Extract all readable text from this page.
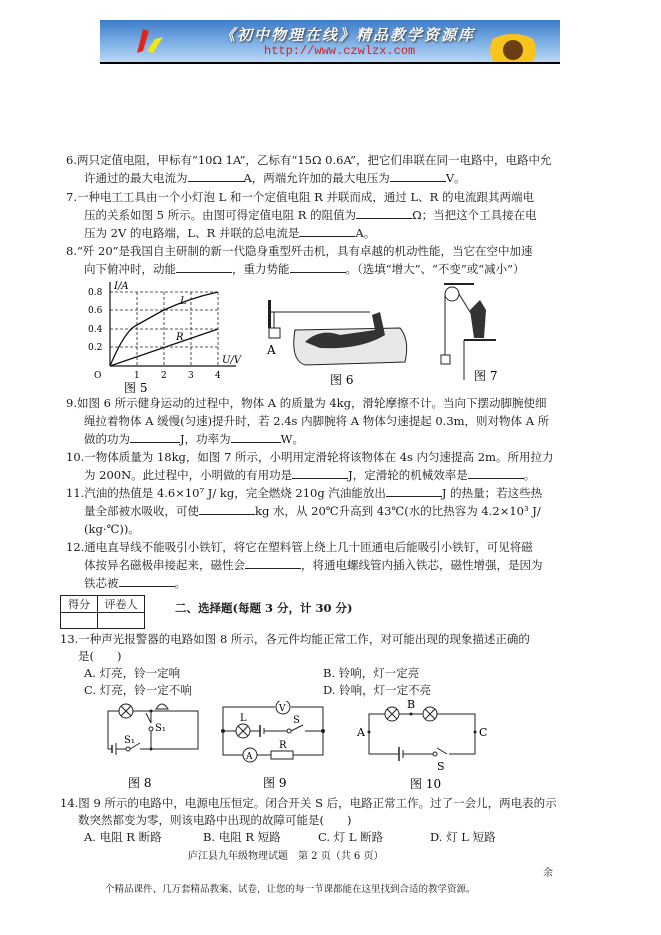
《初中物理在线》精品教学资源库
http://www.czwlzx.com
6.两只定值电阻，甲标有“10Ω 1A”，乙标有“15Ω 0.6A”，把它们串联在同一电路中，电路中允
许通过的最大电流为	A，两端允许加的最大电压为	V。
7.一种电工工具由一个小灯泡 L 和一个定值电阻 R 并联而成，通过 L、R 的电流跟其两端电
压的关系如图 5 所示。由图可得定值电阻 R 的阻值为	Ω；当把这个工具接在电
压为 2V 的电路端，L、R 并联的总电流是	A。
8.“歼 20”是我国自主研制的新一代隐身重型歼击机，具有卓越的机动性能，当它在空中加速
向下俯冲时，动能	，重力势能	。（选填“增大”、“不变”或“减小”）
I/A
U/V
0.8
0.6
0.4
0.2
O	1 2 3 4
L
R
图 5
A
图 6	图 7
9.如图 6 所示健身运动的过程中，物体 A 的质量为 4kg，滑轮摩擦不计。当向下摆动脚腕使细
绳拉着物体 A 缓慢(匀速)提升时，若 2.4s 内脚腕将 A 物体匀速提起 0.3m，则对物体 A 所
做的功为	J，功率为	W。
10.一物体质量为 18kg，如图 7 所示，小明用定滑轮将该物体在 4s 内匀速提高 2m。所用拉力
为 200N。此过程中，小明做的有用功是	J，定滑轮的机械效率是	。
11.汽油的热值是 4.6×10⁷ J/ kg，完全燃烧 210g 汽油能放出	J 的热量；若这些热
量全部被水吸收，可使	kg 水，从 20℃升高到 43℃(水的比热容为 4.2×10³ J/
(kg·℃))。
12.通电直导线不能吸引小铁钉，将它在塑料管上绕上几十匝通电后能吸引小铁钉，可见将磁
体按异名磁极串接起来，磁性会	，将通电螺线管内插入铁芯，磁性增强，是因为
铁芯被	。
得分	评卷人
		二、选择题(每题 3 分，计 30 分)
13.一种声光报警器的电路如图 8 所示，各元件均能正常工作，对可能出现的现象描述正确的
是(　　)
A. 灯亮，铃一定响	B. 铃响，灯一定亮
C. 灯亮，铃一定不响	D. 铃响，灯一定不亮
S₁
S₁
图 8
V
A
L	S
R
图 9
A
B
C
S
图 10
14.图 9 所示的电路中，电源电压恒定。闭合开关 S 后，电路正常工作。过了一会儿，两电表的示
数突然都变为零，则该电路中出现的故障可能是(　　)
A. 电阻 R 断路	B. 电阻 R 短路	C. 灯 L 断路	D. 灯 L 短路
庐江县九年级物理试题　第 2 页（共 6 页）
余
个精品课件、几万套精品教案、试卷，让您的每一节课都能在这里找到合适的教学资源。
